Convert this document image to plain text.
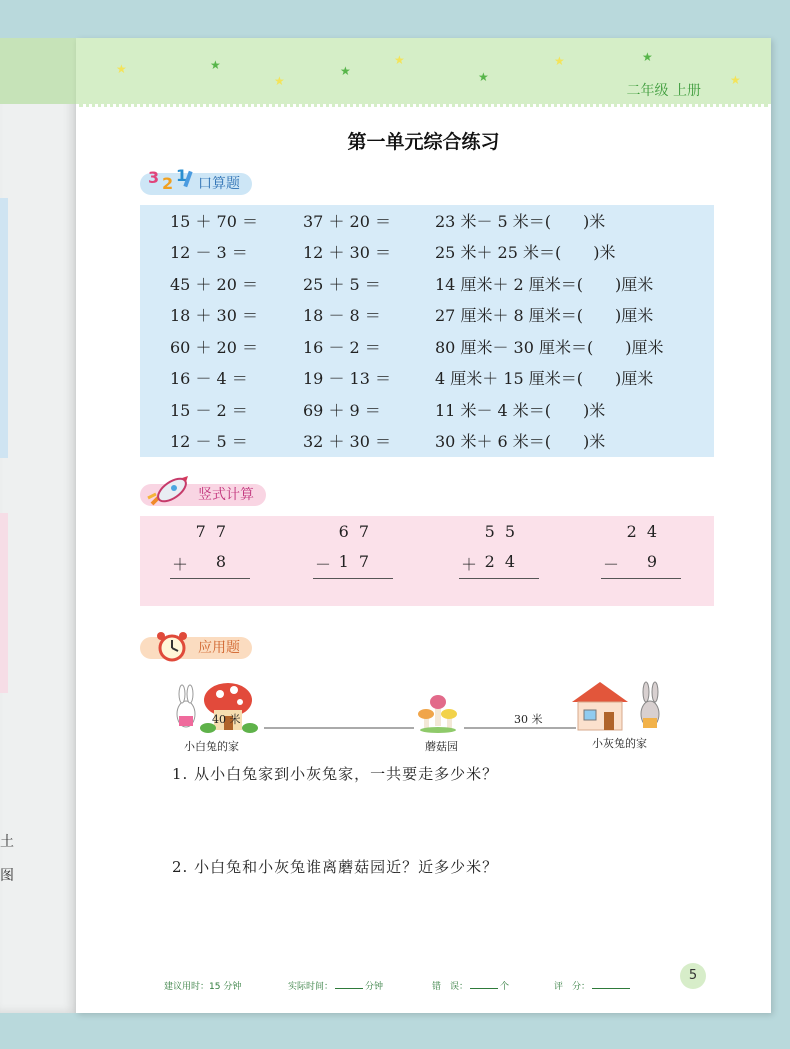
土
图
★	★
★
★
★
★
★	★
★
二年级 上册
第一单元综合练习
3 2 1 口算题
15 ＋ 70 ＝	37 ＋ 20 ＝	23 米－ 5 米＝(　　)米
12 － 3 ＝	12 ＋ 30 ＝	25 米＋ 25 米＝(　　)米
45 ＋ 20 ＝	25 ＋ 5 ＝	14 厘米＋ 2 厘米＝(　　)厘米
18 ＋ 30 ＝	18 － 8 ＝	27 厘米＋ 8 厘米＝(　　)厘米
60 ＋ 20 ＝	16 － 2 ＝	80 厘米－ 30 厘米＝(　　)厘米
16 － 4 ＝	19 － 13 ＝	4 厘米＋ 15 厘米＝(　　)厘米
15 － 2 ＝	69 ＋ 9 ＝	11 米－ 4 米＝(　　)米
12 － 5 ＝	32 ＋ 30 ＝	30 米＋ 6 米＝(　　)米
竖式计算
77
＋ 8
67
－ 17
55
＋ 24
24
－ 9
应用题
40 米	30 米
小白兔的家	蘑菇园	小灰兔的家
1. 从小白兔家到小灰兔家，一共要走多少米？
2. 小白兔和小灰兔谁离蘑菇园近？近多少米？
建议用时：15 分钟	实际时间：	分钟	错　误：	个	评　分：
5
